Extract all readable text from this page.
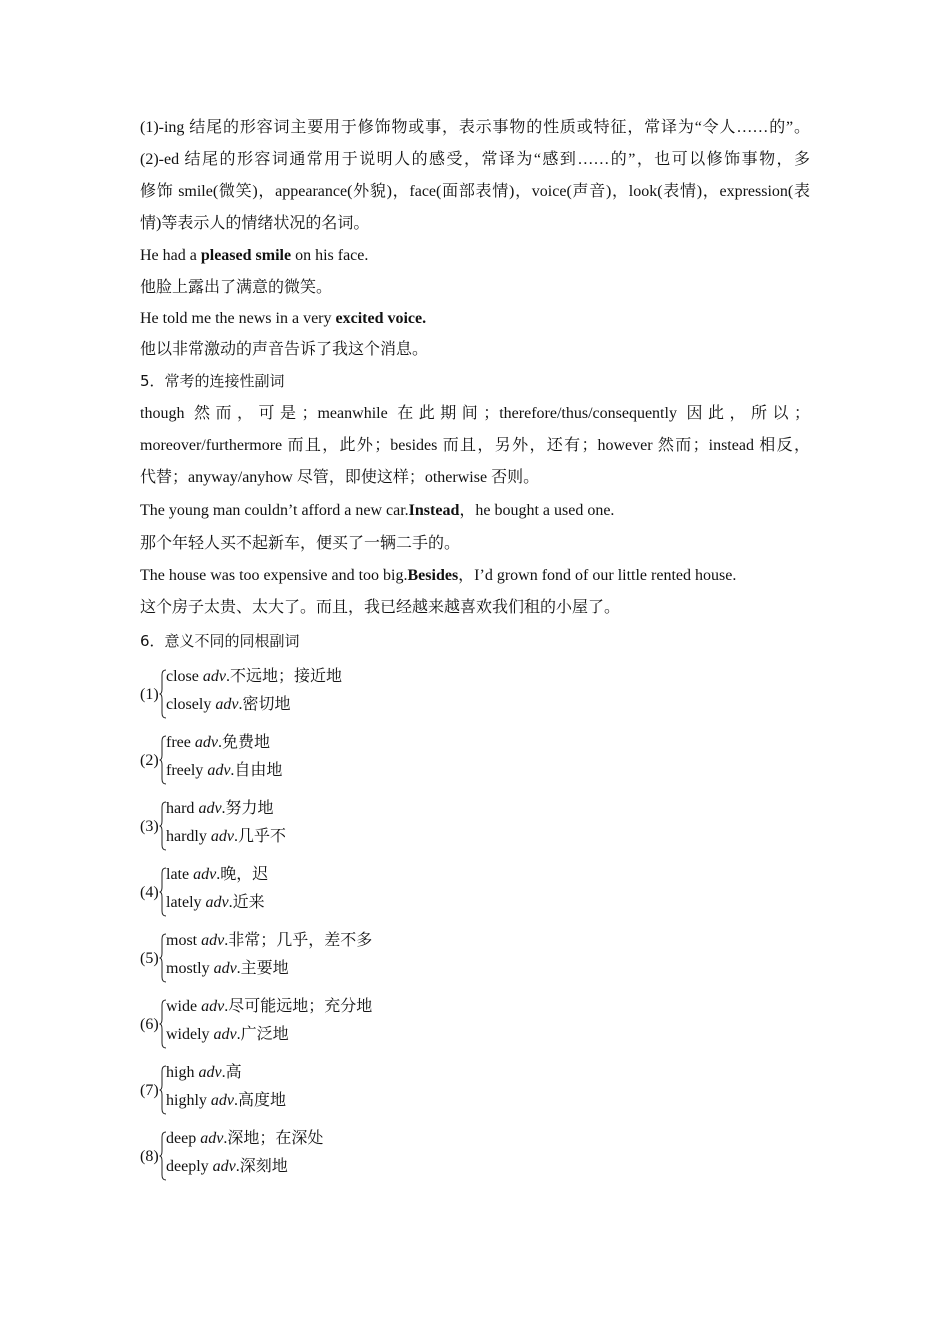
(1)-ing 结尾的形容词主要用于修饰物或事，表示事物的性质或特征，常译为“令人……的”。
(2)-ed 结尾的形容词通常用于说明人的感受，常译为“感到……的”，也可以修饰事物，多
修饰 smile(微笑)，appearance(外貌)，face(面部表情)，voice(声音)，look(表情)，expression(表
情)等表示人的情绪状况的名词。
He had a pleased smile on his face.
他脸上露出了满意的微笑。
He told me the news in a very excited voice.
他以非常激动的声音告诉了我这个消息。
5．常考的连接性副词
though 然而，可是；meanwhile 在此期间；therefore/thus/consequently 因此，所以；
moreover/furthermore 而且，此外；besides 而且，另外，还有；however 然而；instead 相反，
代替；anyway/anyhow 尽管，即使这样；otherwise 否则。
The young man couldn’t afford a new car.Instead，he bought a used one.
那个年轻人买不起新车，便买了一辆二手的。
The house was too expensive and too big.Besides，I’d grown fond of our little rented house.
这个房子太贵、太大了。而且，我已经越来越喜欢我们租的小屋了。
6．意义不同的同根副词
(1)
close adv.不远地；接近地
closely adv.密切地
(2)
free adv.免费地
freely adv.自由地
(3)
hard adv.努力地
hardly adv.几乎不
(4)
late adv.晚，迟
lately adv.近来
(5)
most adv.非常；几乎，差不多
mostly adv.主要地
(6)
wide adv.尽可能远地；充分地
widely adv.广泛地
(7)
high adv.高
highly adv.高度地
(8)
deep adv.深地；在深处
deeply adv.深刻地
